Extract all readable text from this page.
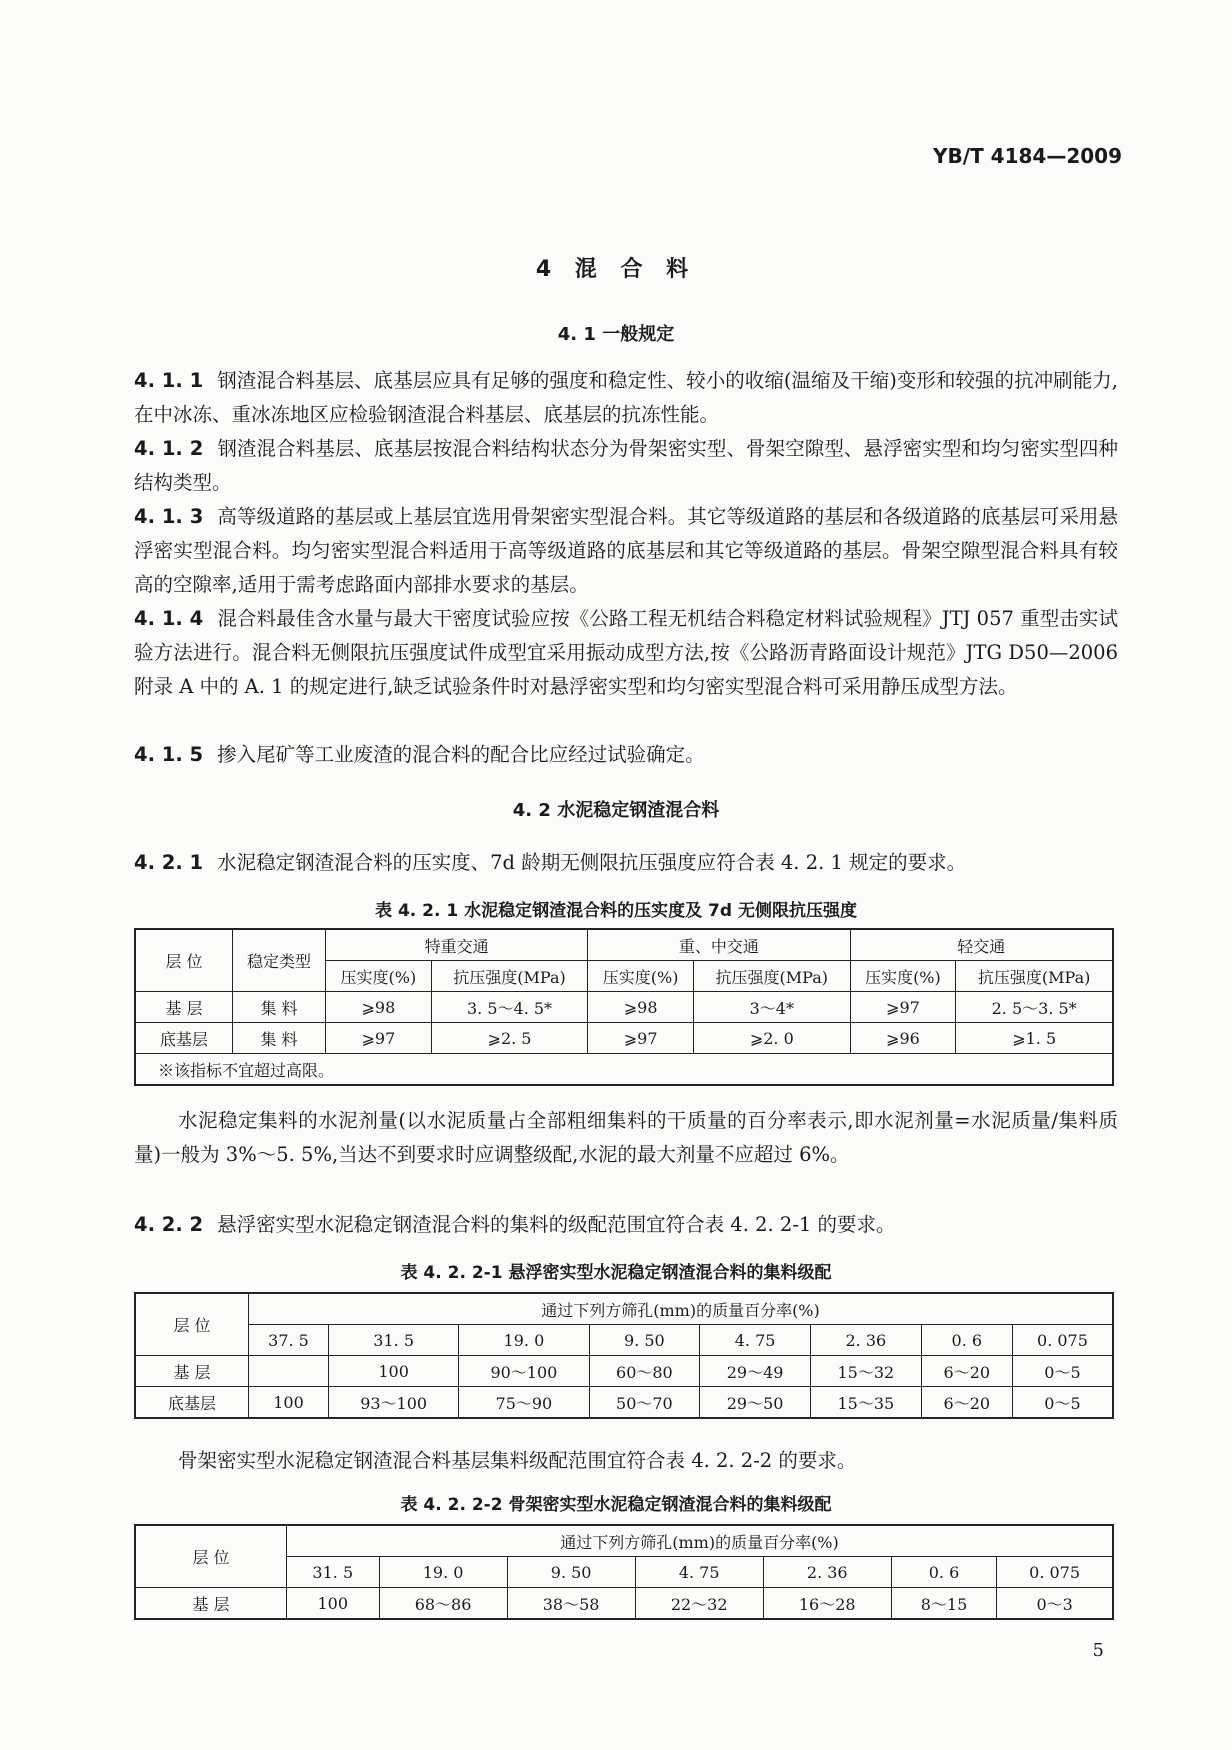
YB/T 4184—2009
4 混 合 料
4. 1 一般规定
4. 1. 1 钢渣混合料基层、底基层应具有足够的强度和稳定性、较小的收缩(温缩及干缩)变形和较强的抗冲刷能力,在中冰冻、重冰冻地区应检验钢渣混合料基层、底基层的抗冻性能。
4. 1. 2 钢渣混合料基层、底基层按混合料结构状态分为骨架密实型、骨架空隙型、悬浮密实型和均匀密实型四种结构类型。
4. 1. 3 高等级道路的基层或上基层宜选用骨架密实型混合料。其它等级道路的基层和各级道路的底基层可采用悬浮密实型混合料。均匀密实型混合料适用于高等级道路的底基层和其它等级道路的基层。骨架空隙型混合料具有较高的空隙率,适用于需考虑路面内部排水要求的基层。
4. 1. 4 混合料最佳含水量与最大干密度试验应按《公路工程无机结合料稳定材料试验规程》JTJ 057 重型击实试验方法进行。混合料无侧限抗压强度试件成型宜采用振动成型方法,按《公路沥青路面设计规范》JTG D50—2006 附录 A 中的 A. 1 的规定进行,缺乏试验条件时对悬浮密实型和均匀密实型混合料可采用静压成型方法。
4. 1. 5 掺入尾矿等工业废渣的混合料的配合比应经过试验确定。
4. 2 水泥稳定钢渣混合料
4. 2. 1 水泥稳定钢渣混合料的压实度、7d 龄期无侧限抗压强度应符合表 4. 2. 1 规定的要求。
表 4. 2. 1 水泥稳定钢渣混合料的压实度及 7d 无侧限抗压强度
层 位	稳定类型	特重交通		重、中交通		轻交通	
		压实度(%)	抗压强度(MPa)	压实度(%)	抗压强度(MPa)	压实度(%)	抗压强度(MPa)
基 层	集 料	⩾98	3. 5～4. 5*	⩾98	3～4*	⩾97	2. 5～3. 5*
底基层	集 料	⩾97	⩾2. 5	⩾97	⩾2. 0	⩾96	⩾1. 5
※该指标不宜超过高限。							
水泥稳定集料的水泥剂量(以水泥质量占全部粗细集料的干质量的百分率表示,即水泥剂量=水泥质量/集料质量)一般为 3%～5. 5%,当达不到要求时应调整级配,水泥的最大剂量不应超过 6%。
4. 2. 2 悬浮密实型水泥稳定钢渣混合料的集料的级配范围宜符合表 4. 2. 2-1 的要求。
表 4. 2. 2-1 悬浮密实型水泥稳定钢渣混合料的集料级配
层 位	通过下列方筛孔(mm)的质量百分率(%)							
	37. 5	31. 5	19. 0	9. 50	4. 75	2. 36	0. 6	0. 075
基 层		100	90～100	60～80	29～49	15～32	6～20	0～5
底基层	100	93～100	75～90	50～70	29～50	15～35	6～20	0～5
骨架密实型水泥稳定钢渣混合料基层集料级配范围宜符合表 4. 2. 2-2 的要求。
表 4. 2. 2-2 骨架密实型水泥稳定钢渣混合料的集料级配
层 位	通过下列方筛孔(mm)的质量百分率(%)						
	31. 5	19. 0	9. 50	4. 75	2. 36	0. 6	0. 075
基 层	100	68～86	38～58	22～32	16～28	8～15	0～3
5
